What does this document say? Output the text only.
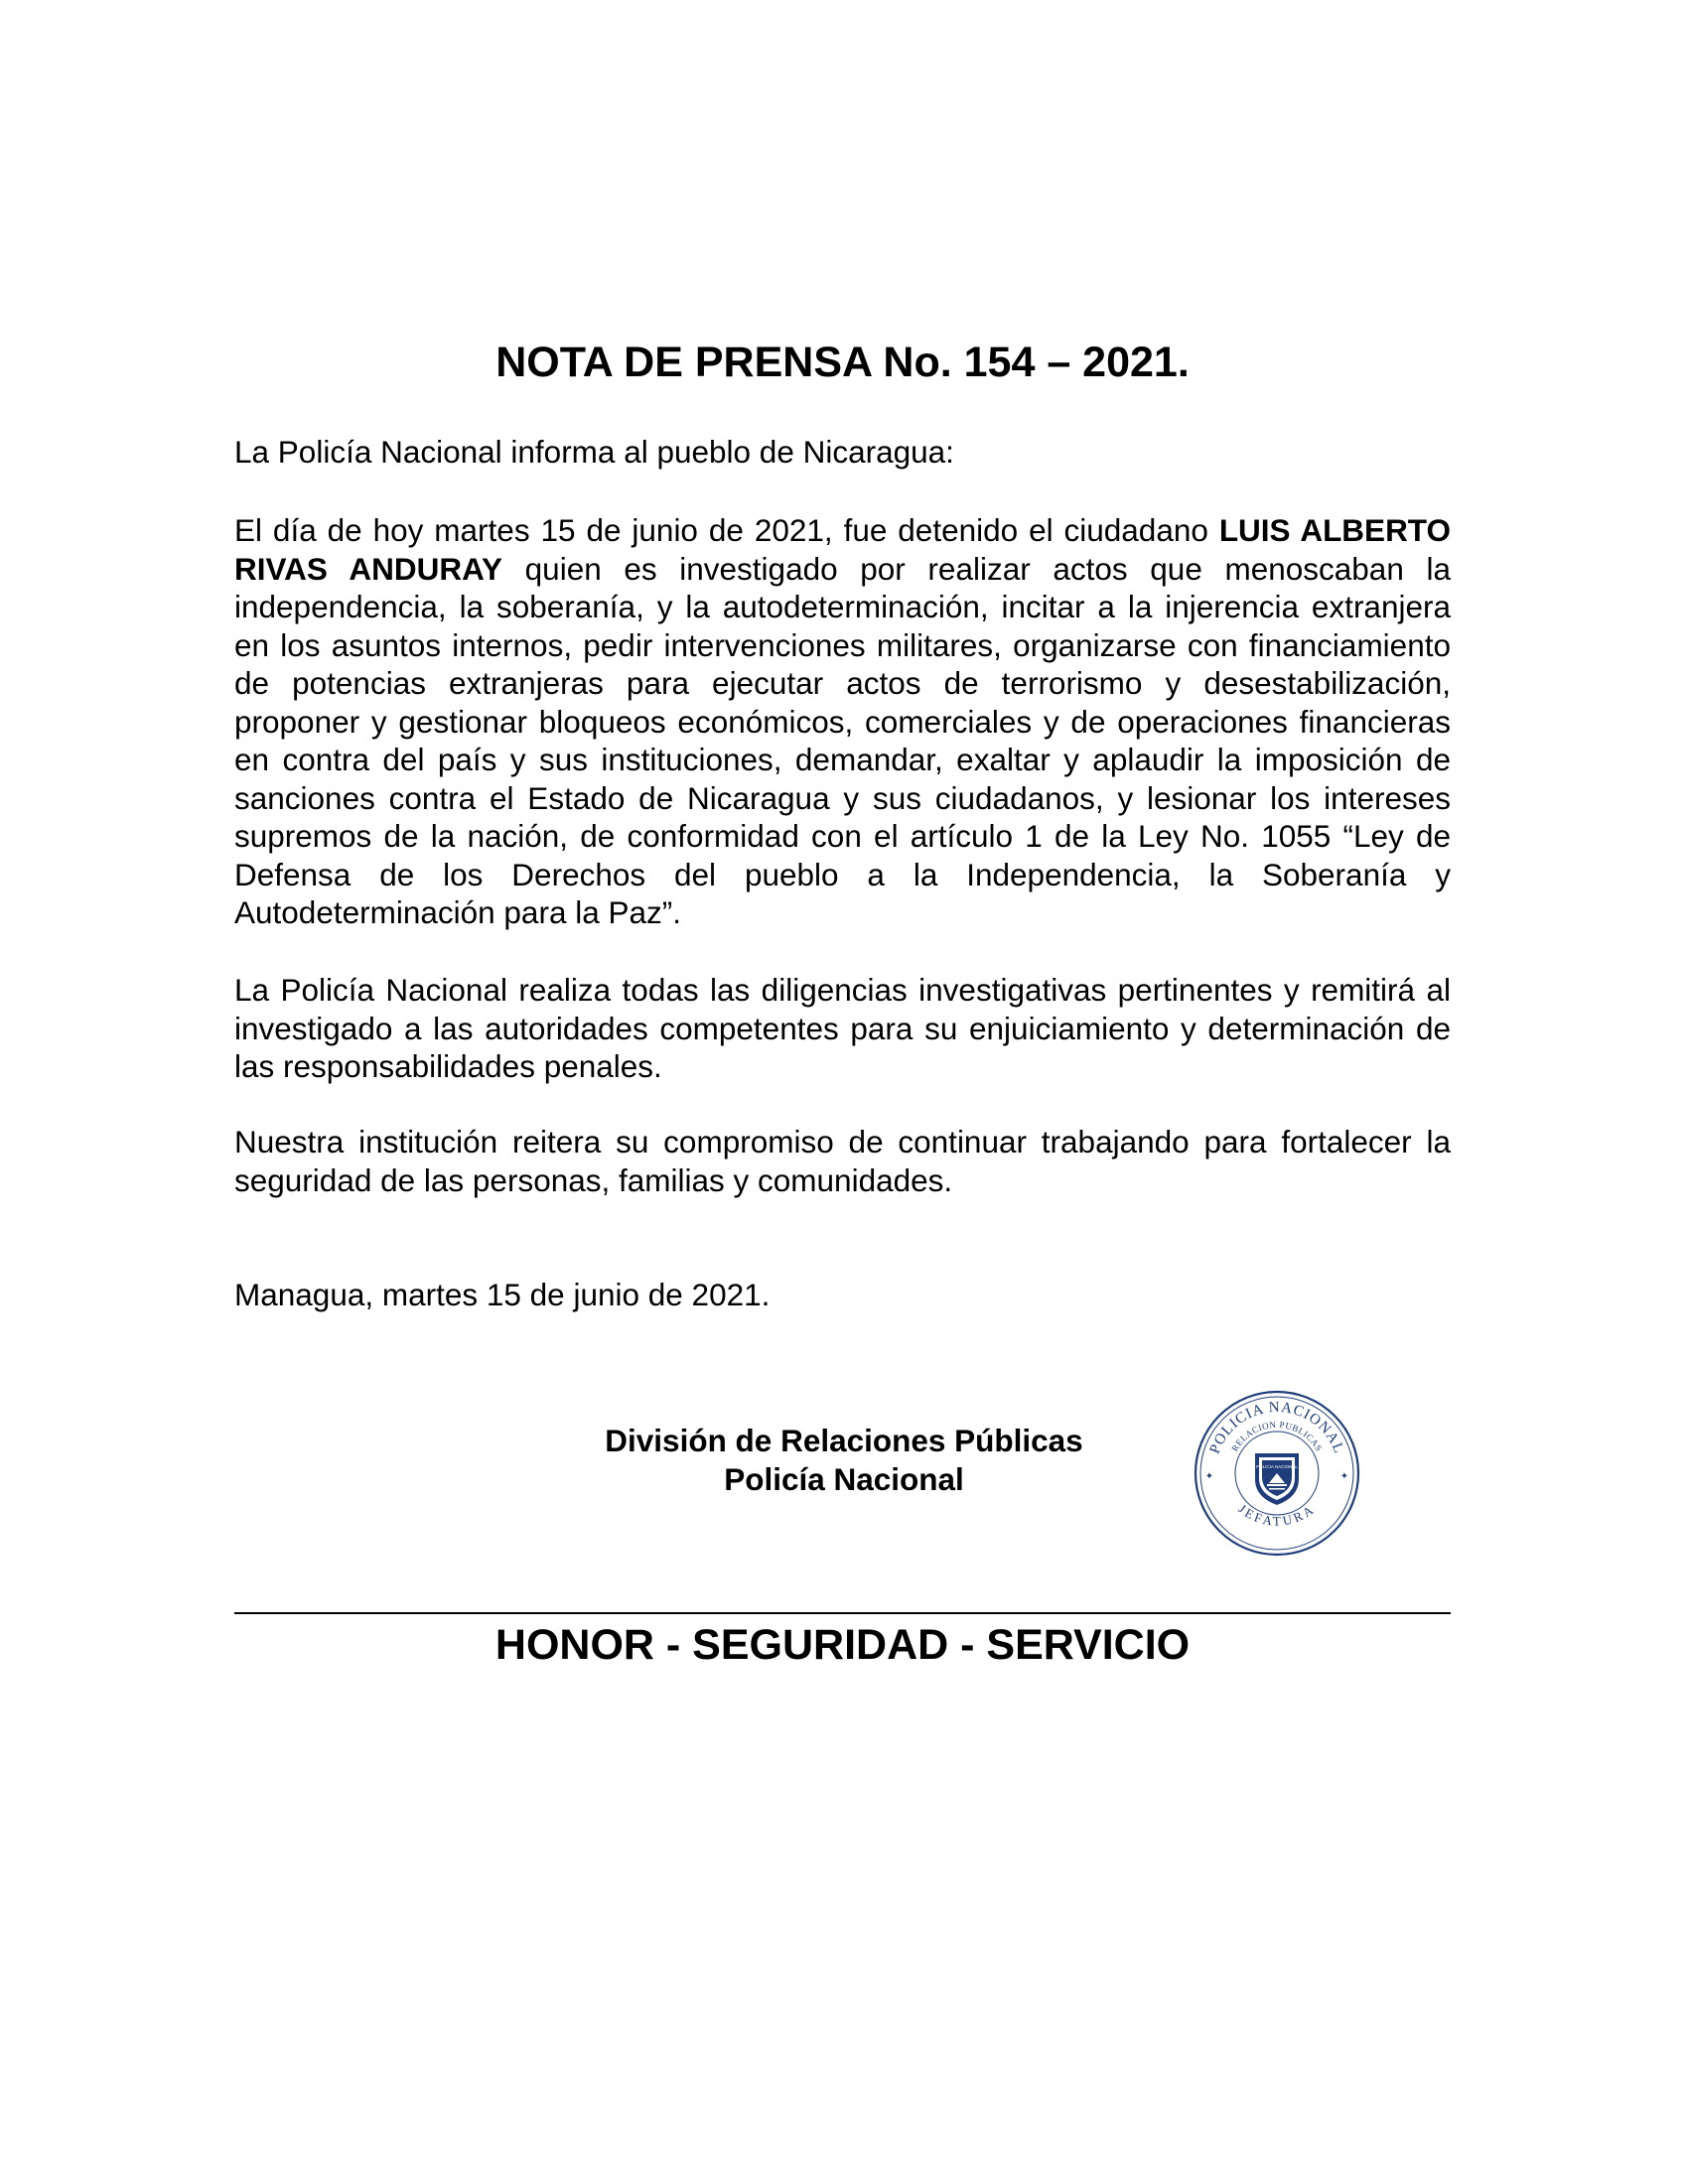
NOTA DE PRENSA No. 154 – 2021.

La Policía Nacional informa al pueblo de Nicaragua:

El día de hoy martes 15 de junio de 2021, fue detenido el ciudadano LUIS ALBERTO RIVAS ANDURAY quien es investigado por realizar actos que menoscaban la independencia, la soberanía, y la autodeterminación, incitar a la injerencia extranjera en los asuntos internos, pedir intervenciones militares, organizarse con financiamiento de potencias extranjeras para ejecutar actos de terrorismo y desestabilización, proponer y gestionar bloqueos económicos, comerciales y de operaciones financieras en contra del país y sus instituciones, demandar, exaltar y aplaudir la imposición de sanciones contra el Estado de Nicaragua y sus ciudadanos, y lesionar los intereses supremos de la nación, de conformidad con el artículo 1 de la Ley No. 1055 “Ley de Defensa de los Derechos del pueblo a la Independencia, la Soberanía y Autodeterminación para la Paz”.

La Policía Nacional realiza todas las diligencias investigativas pertinentes y remitirá al investigado a las autoridades competentes para su enjuiciamiento y determinación de las responsabilidades penales.

Nuestra institución reitera su compromiso de continuar trabajando para fortalecer la seguridad de las personas, familias y comunidades.

Managua, martes 15 de junio de 2021.

División de Relaciones Públicas
Policía Nacional
POLICIA NACIONAL
RELACION PUBLICAS
JEFATURA
✦	✦
POLICIA NACIONAL
HONOR - SEGURIDAD - SERVICIO
